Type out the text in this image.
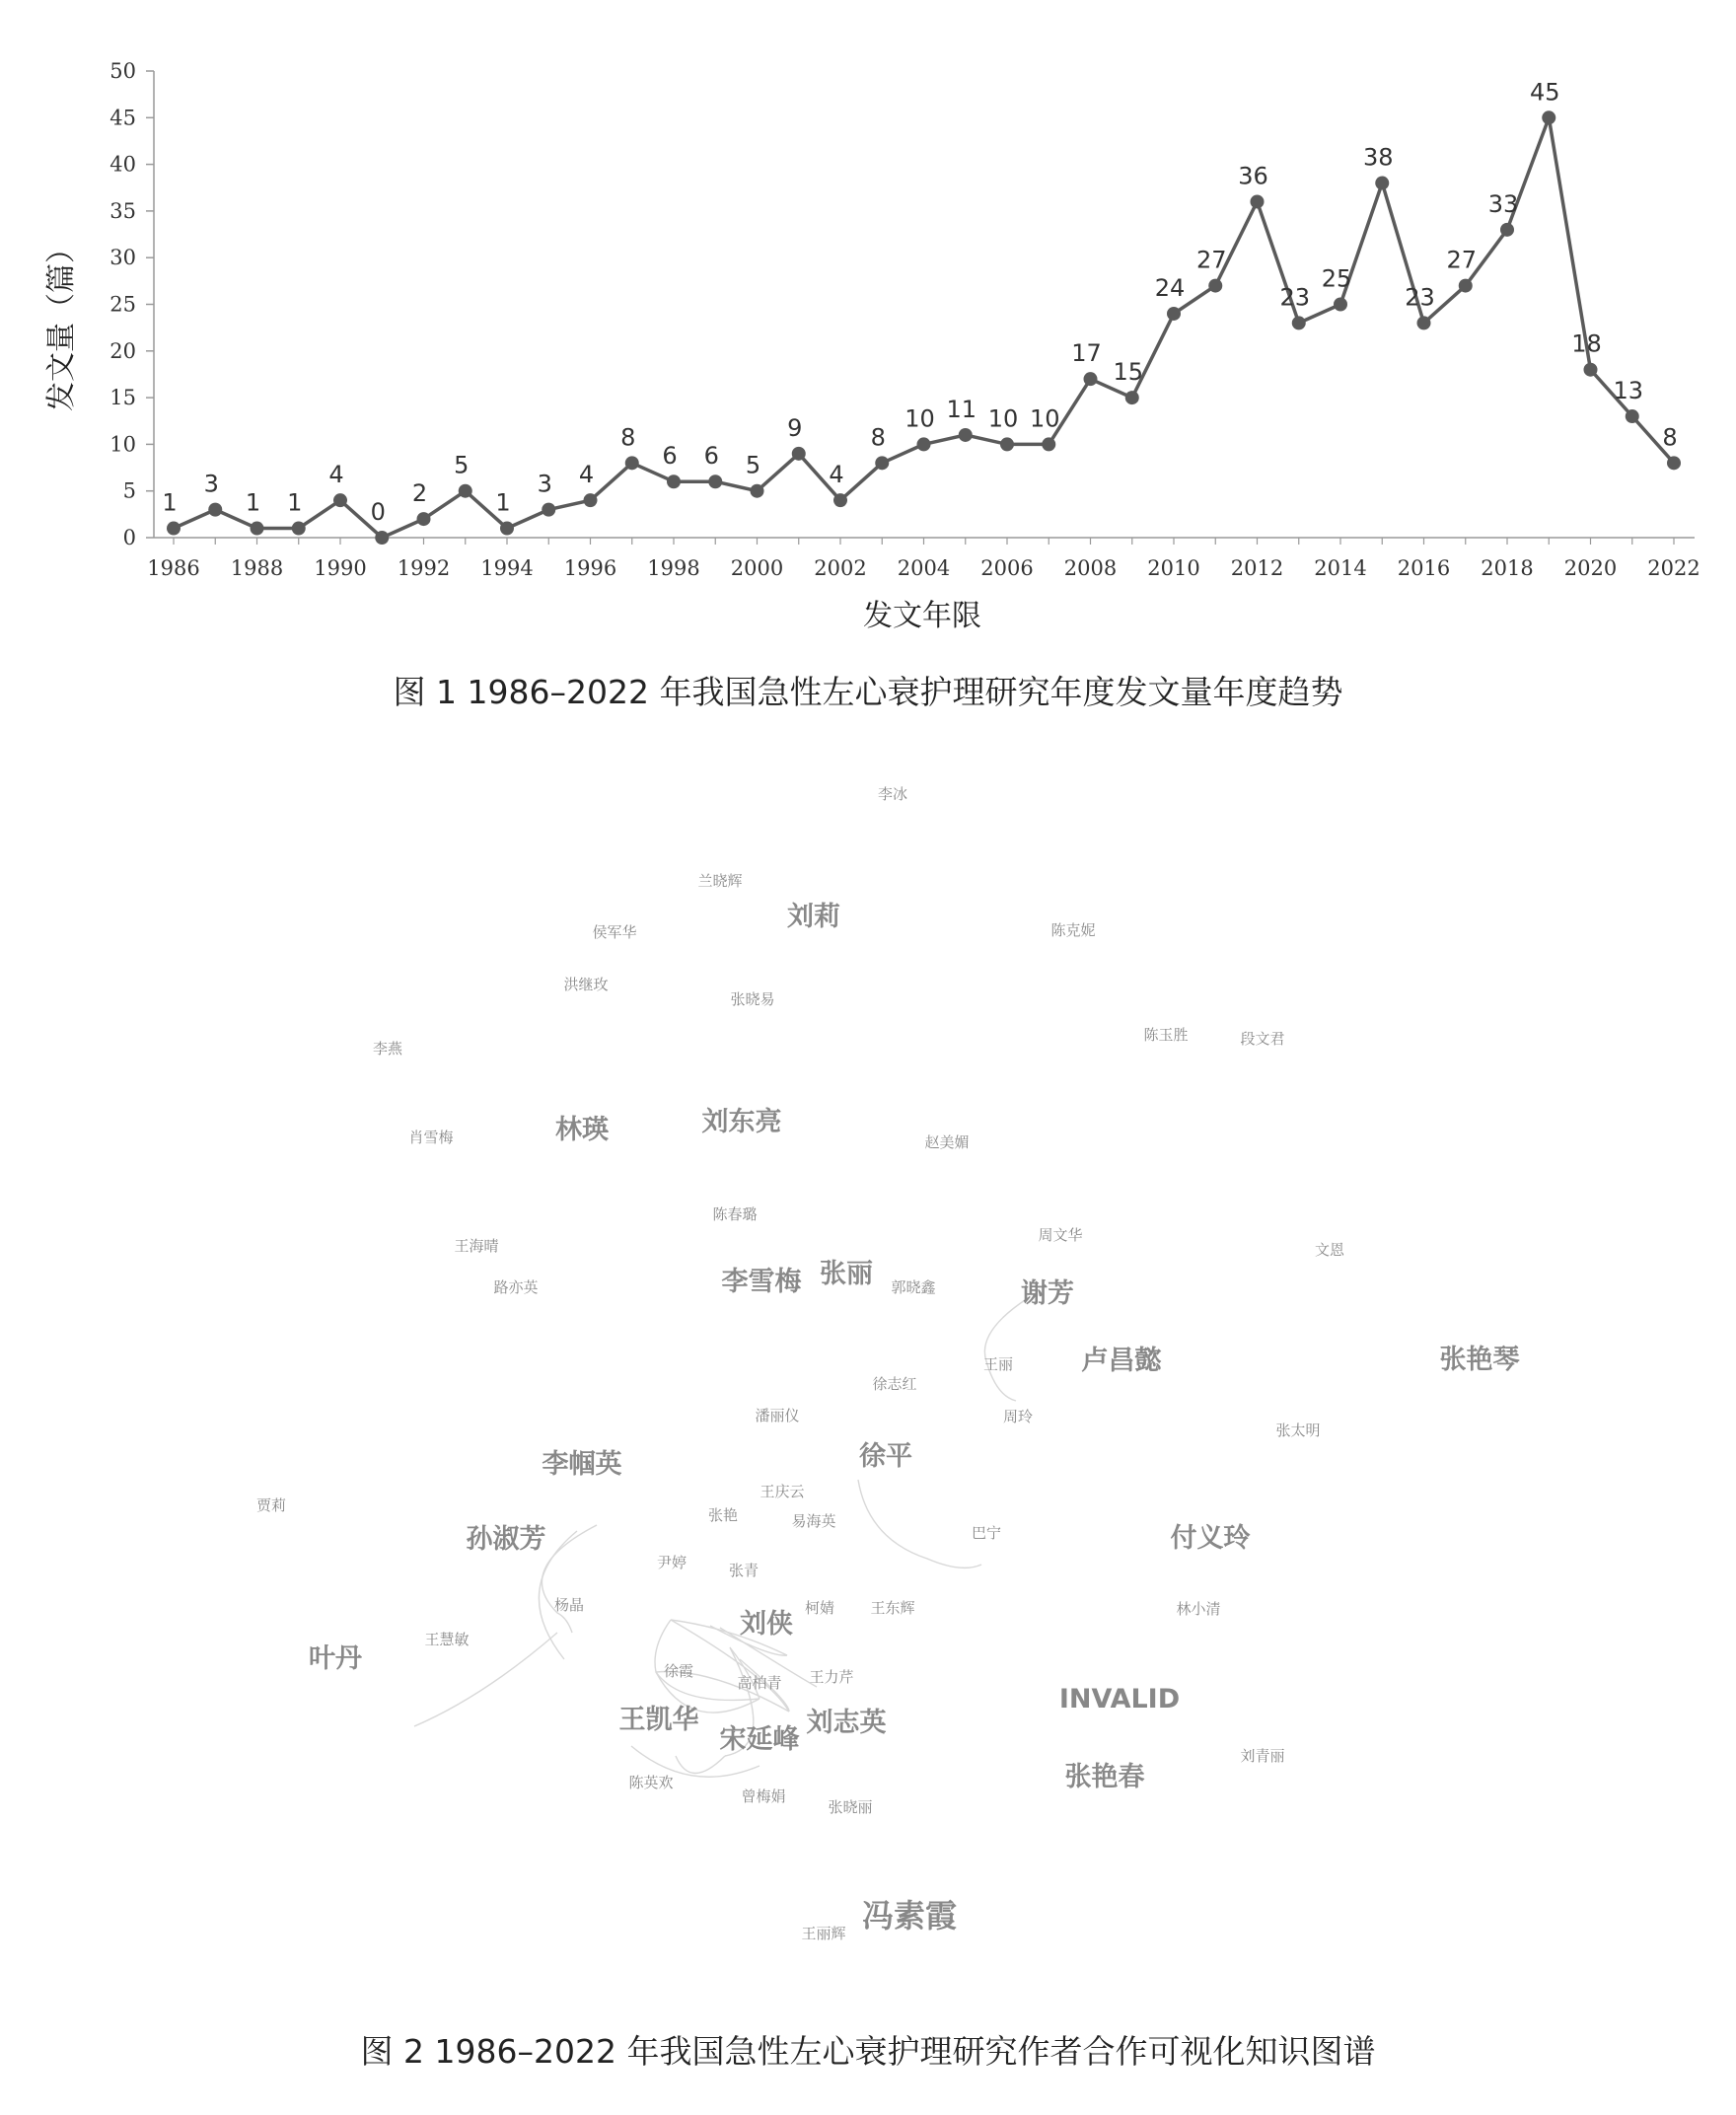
0
5
10
15
20
25
30
35
40
45
50
1986 1988 1990 1992 1994 1996 1998 2000 2002 2004 2006 2008 2010 2012 2014 2016 2018 2020 2022
1
3
1 1
4
0
2
5
1
3 4
8
6 6 5
9
4
8
10 11 10 10
17
15
24
27
36
23
25
38
23
27
33
45
18
13
8
发文年限
发文量（篇）
图 1 1986–2022 年我国急性左心衰护理研究年度发文量年度趋势
李冰
兰晓辉
刘莉
侯军华	陈克妮
洪继玫
张晓易
李燕
陈玉胜	段文君
肖雪梅	林瑛	刘东亮
赵美媚
陈春璐
王海晴
周文华
文恩
路亦英	李雪梅 张丽 郭晓鑫	谢芳
王丽	卢昌懿	张艳琴
徐志红
潘丽仪	周玲
张太明
徐平
李帼英
王庆云
贾莉
张艳	易海英
巴宁
孙淑芳	付义玲
尹婷	张青
杨晶	柯婧 王东辉	林小清
王慧敏	刘侠
叶丹	徐霞	王力芹
高柏青
INVALID
王凯华	刘志英
宋延峰
刘青丽
陈英欢
曾梅娟
张晓丽
张艳春
冯素霞
王丽辉
图 2 1986–2022 年我国急性左心衰护理研究作者合作可视化知识图谱
